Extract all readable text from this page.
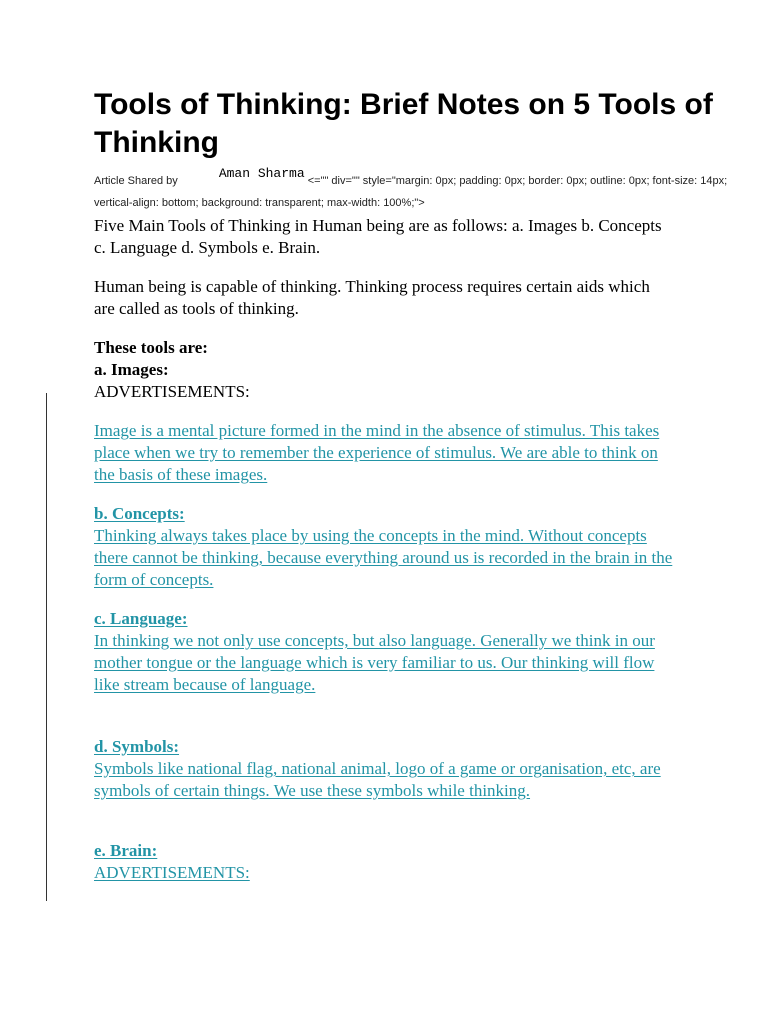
Tools of Thinking: Brief Notes on 5 Tools of Thinking
Article Shared by	Aman Sharma <="" div="" style="margin: 0px; padding: 0px; border: 0px; outline: 0px; font-size: 14px; vertical-align: bottom; background: transparent; max-width: 100%;">

Five Main Tools of Thinking in Human being are as follows: a. Images b. Concepts c. Language d. Symbols e. Brain.

Human being is capable of thinking. Thinking process requires certain aids which are called as tools of thinking.

These tools are:

a. Images:

ADVERTISEMENTS:

Image is a mental picture formed in the mind in the absence of stimulus. This takes place when we try to remember the experience of stimulus. We are able to think on the basis of these images.

b. Concepts:

Thinking always takes place by using the concepts in the mind. Without concepts there cannot be thinking, because everything around us is recorded in the brain in the form of concepts.

c. Language:

In thinking we not only use concepts, but also language. Generally we think in our mother tongue or the language which is very familiar to us. Our thinking will flow like stream because of language.

d. Symbols:

Symbols like national flag, national animal, logo of a game or organisation, etc, are symbols of certain things. We use these symbols while thinking.

e. Brain:

ADVERTISEMENTS:
